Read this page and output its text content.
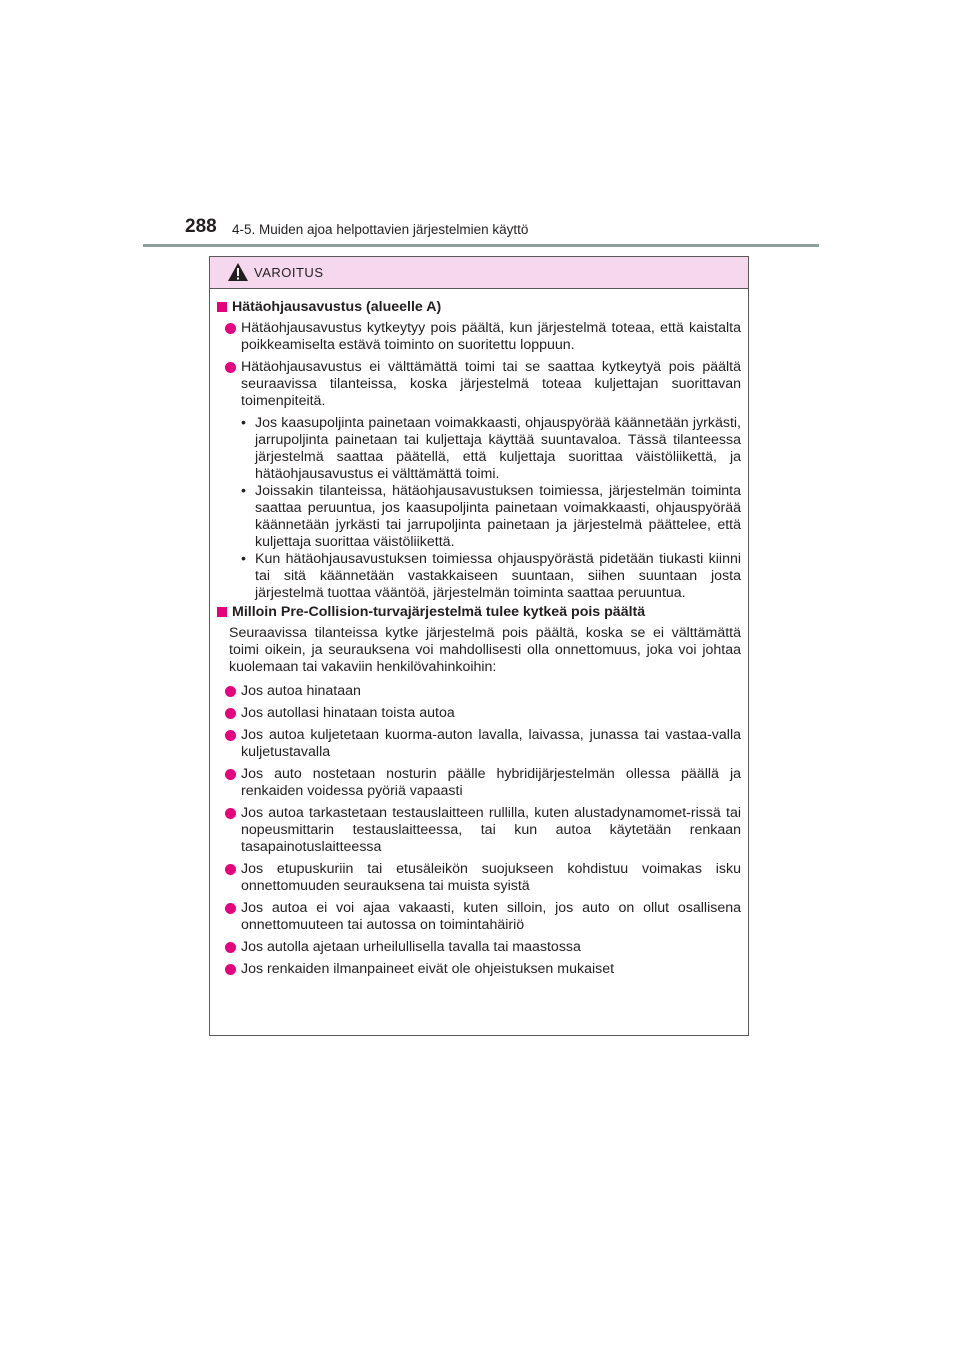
288 4-5. Muiden ajoa helpottavien järjestelmien käyttö
VAROITUS
Hätäohjausavustus (alueelle A)
Hätäohjausavustus kytkeytyy pois päältä, kun järjestelmä toteaa, että kaistalta poikkeamiselta estävä toiminto on suoritettu loppuun.
Hätäohjausavustus ei välttämättä toimi tai se saattaa kytkeytyä pois päältä seuraavissa tilanteissa, koska järjestelmä toteaa kuljettajan suorittavan toimenpiteitä.
• Jos kaasupoljinta painetaan voimakkaasti, ohjauspyörää käännetään jyrkästi, jarrupoljinta painetaan tai kuljettaja käyttää suuntavaloa. Tässä tilanteessa järjestelmä saattaa päätellä, että kuljettaja suorittaa väistöliikettä, ja hätäohjausavustus ei välttämättä toimi.
• Joissakin tilanteissa, hätäohjausavustuksen toimiessa, järjestelmän toiminta saattaa peruuntua, jos kaasupoljinta painetaan voimakkaasti, ohjauspyörää käännetään jyrkästi tai jarrupoljinta painetaan ja järjestelmä päättelee, että kuljettaja suorittaa väistöliikettä.
• Kun hätäohjausavustuksen toimiessa ohjauspyörästä pidetään tiukasti kiinni tai sitä käännetään vastakkaiseen suuntaan, siihen suuntaan josta järjestelmä tuottaa vääntöä, järjestelmän toiminta saattaa peruuntua.
Milloin Pre-Collision-turvajärjestelmä tulee kytkeä pois päältä
Seuraavissa tilanteissa kytke järjestelmä pois päältä, koska se ei välttämättä toimi oikein, ja seurauksena voi mahdollisesti olla onnettomuus, joka voi johtaa kuolemaan tai vakaviin henkilövahinkoihin:
Jos autoa hinataan
Jos autollasi hinataan toista autoa
Jos autoa kuljetetaan kuorma-auton lavalla, laivassa, junassa tai vastaa-valla kuljetustavalla
Jos auto nostetaan nosturin päälle hybridijärjestelmän ollessa päällä ja renkaiden voidessa pyöriä vapaasti
Jos autoa tarkastetaan testauslaitteen rullilla, kuten alustadynamomet-rissä tai nopeusmittarin testauslaitteessa, tai kun autoa käytetään renkaan tasapainotuslaitteessa
Jos etupuskuriin tai etusäleikön suojukseen kohdistuu voimakas isku onnettomuuden seurauksena tai muista syistä
Jos autoa ei voi ajaa vakaasti, kuten silloin, jos auto on ollut osallisena onnettomuuteen tai autossa on toimintahäiriö
Jos autolla ajetaan urheilullisella tavalla tai maastossa
Jos renkaiden ilmanpaineet eivät ole ohjeistuksen mukaiset
